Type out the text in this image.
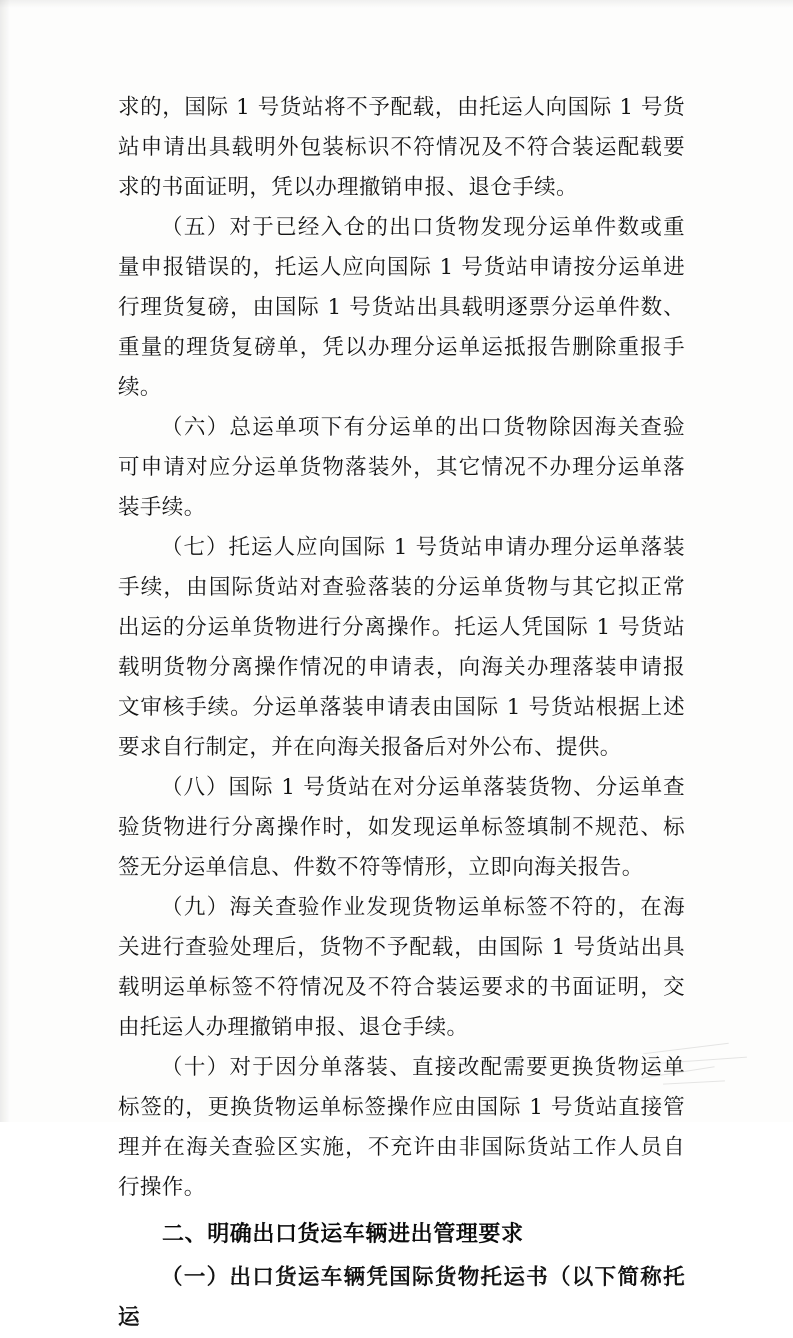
求的，国际 1 号货站将不予配载，由托运人向国际 1 号货站申请出具载明外包装标识不符情况及不符合装运配载要求的书面证明，凭以办理撤销申报、退仓手续。

（五）对于已经入仓的出口货物发现分运单件数或重量申报错误的，托运人应向国际 1 号货站申请按分运单进行理货复磅，由国际 1 号货站出具载明逐票分运单件数、重量的理货复磅单，凭以办理分运单运抵报告删除重报手续。

（六）总运单项下有分运单的出口货物除因海关查验可申请对应分运单货物落装外，其它情况不办理分运单落装手续。

（七）托运人应向国际 1 号货站申请办理分运单落装手续，由国际货站对查验落装的分运单货物与其它拟正常出运的分运单货物进行分离操作。托运人凭国际 1 号货站载明货物分离操作情况的申请表，向海关办理落装申请报文审核手续。分运单落装申请表由国际 1 号货站根据上述要求自行制定，并在向海关报备后对外公布、提供。

（八）国际 1 号货站在对分运单落装货物、分运单查验货物进行分离操作时，如发现运单标签填制不规范、标签无分运单信息、件数不符等情形，立即向海关报告。

（九）海关查验作业发现货物运单标签不符的，在海关进行查验处理后，货物不予配载，由国际 1 号货站出具载明运单标签不符情况及不符合装运要求的书面证明，交由托运人办理撤销申报、退仓手续。

（十）对于因分单落装、直接改配需要更换货物运单标签的，更换货物运单标签操作应由国际 1 号货站直接管理并在海关查验区实施，不充许由非国际货站工作人员自行操作。

二、明确出口货运车辆进出管理要求

（一）出口货运车辆凭国际货物托运书（以下简称托运
